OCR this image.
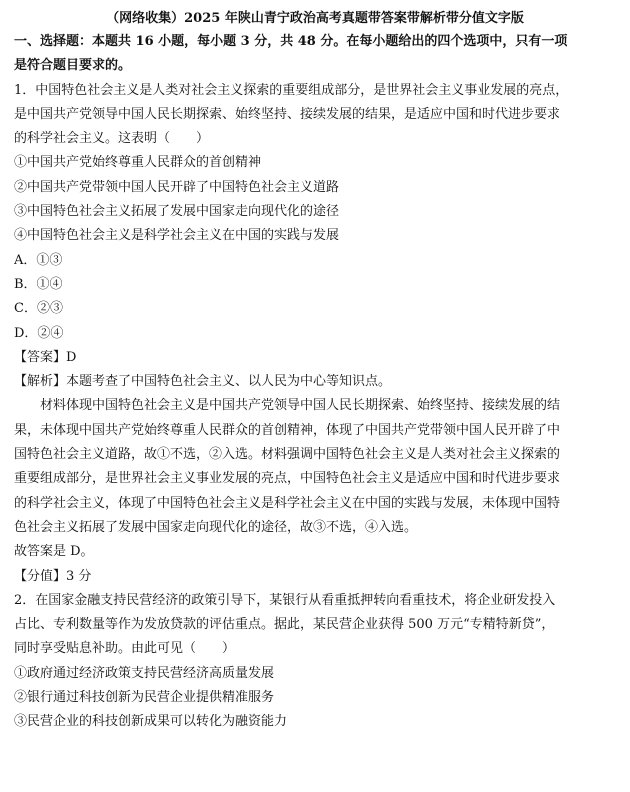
（网络收集）2025 年陕山青宁政治高考真题带答案带解析带分值文字版
一、选择题：本题共 16 小题，每小题 3 分，共 48 分。在每小题给出的四个选项中，只有一项
是符合题目要求的。
1．中国特色社会主义是人类对社会主义探索的重要组成部分，是世界社会主义事业发展的亮点，
是中国共产党领导中国人民长期探索、始终坚持、接续发展的结果，是适应中国和时代进步要求
的科学社会主义。这表明（　　）
①中国共产党始终尊重人民群众的首创精神
②中国共产党带领中国人民开辟了中国特色社会主义道路
③中国特色社会主义拓展了发展中国家走向现代化的途径
④中国特色社会主义是科学社会主义在中国的实践与发展
A．①③
B．①④
C．②③
D．②④
【答案】D
【解析】本题考查了中国特色社会主义、以人民为中心等知识点。
材料体现中国特色社会主义是中国共产党领导中国人民长期探索、始终坚持、接续发展的结
果，未体现中国共产党始终尊重人民群众的首创精神，体现了中国共产党带领中国人民开辟了中
国特色社会主义道路，故①不选，②入选。材料强调中国特色社会主义是人类对社会主义探索的
重要组成部分，是世界社会主义事业发展的亮点，中国特色社会主义是适应中国和时代进步要求
的科学社会主义，体现了中国特色社会主义是科学社会主义在中国的实践与发展，未体现中国特
色社会主义拓展了发展中国家走向现代化的途径，故③不选，④入选。
故答案是 D。
【分值】3 分
2．在国家金融支持民营经济的政策引导下，某银行从看重抵押转向看重技术，将企业研发投入
占比、专利数量等作为发放贷款的评估重点。据此，某民营企业获得 500 万元“专精特新贷”，
同时享受贴息补助。由此可见（　　）
①政府通过经济政策支持民营经济高质量发展
②银行通过科技创新为民营企业提供精准服务
③民营企业的科技创新成果可以转化为融资能力
